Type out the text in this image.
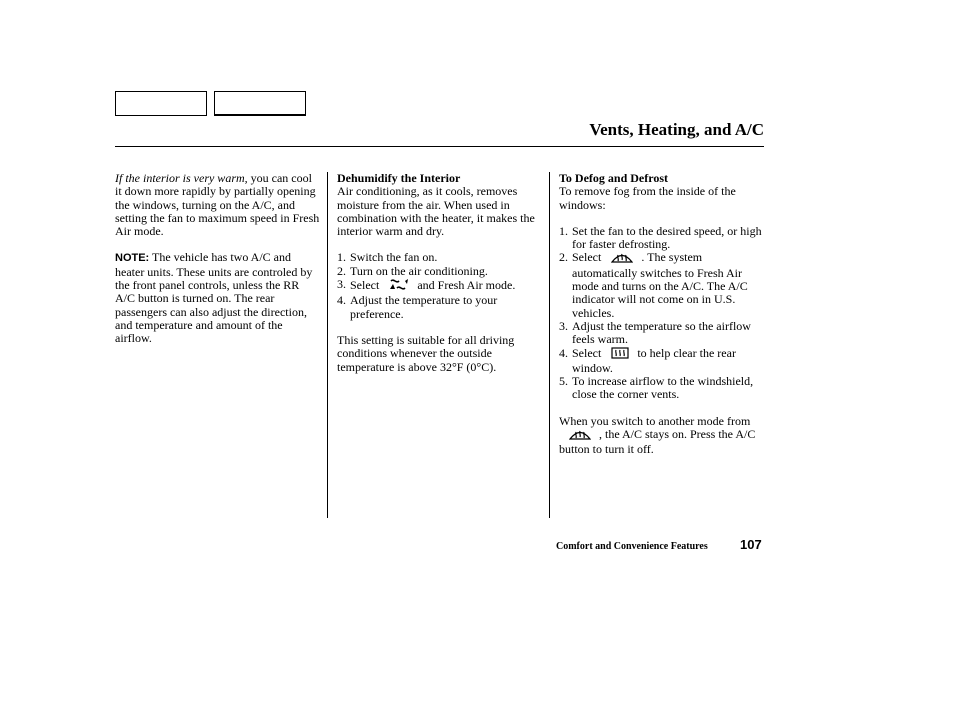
Vents, Heating, and A/C

If the interior is very warm, you can cool it down more rapidly by partially opening the windows, turning on the A/C, and setting the fan to maximum speed in Fresh Air mode.

NOTE: The vehicle has two A/C and heater units. These units are controled by the front panel controls, unless the RR A/C button is turned on. The rear passengers can also adjust the direction, and temperature and amount of the airflow.

Dehumidify the Interior

Air conditioning, as it cools, removes moisture from the air. When used in combination with the heater, it makes the interior warm and dry.

1. Switch the fan on.
2. Turn on the air conditioning.
3. Select	and Fresh Air mode.
4. Adjust the temperature to your preference.

This setting is suitable for all driving conditions whenever the outside temperature is above 32°F (0°C).

To Defog and Defrost

To remove fog from the inside of the windows:

1. Set the fan to the desired speed, or high for faster defrosting.
2. Select	. The system automatically switches to Fresh Air mode and turns on the A/C. The A/C indicator will not come on in U.S. vehicles.
3. Adjust the temperature so the airflow feels warm.
4. Select	to help clear the rear window.
5. To increase airflow to the windshield, close the corner vents.

When you switch to another mode from, the A/C stays on. Press the A/C button to turn it off.

Comfort and Convenience Features 107
